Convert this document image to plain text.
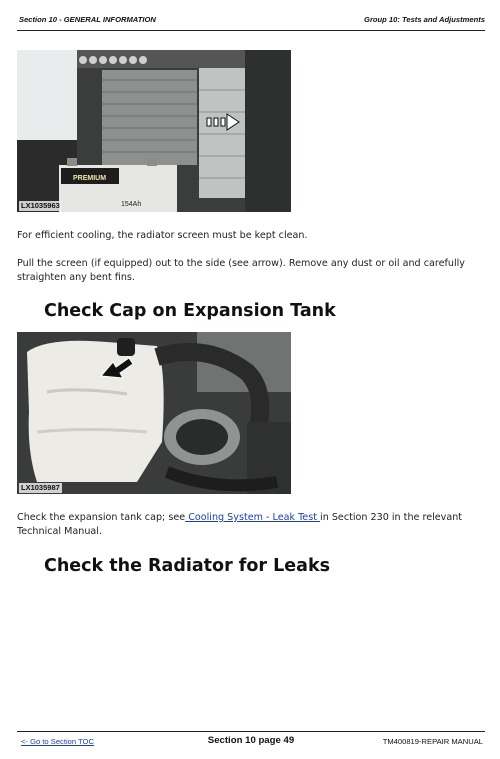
Section 10 - GENERAL INFORMATION	Group 10: Tests and Adjustments
PREMIUM
154Ah
LX1035963

For efficient cooling, the radiator screen must be kept clean.

Pull the screen (if equipped) out to the side (see arrow). Remove any dust or oil and carefully straighten any bent fins.

Check Cap on Expansion Tank
LX1035987

Check the expansion tank cap; see Cooling System - Leak Test in Section 230 in the relevant Technical Manual.

Check the Radiator for Leaks
<- Go to Section TOC	Section 10 page 49	TM400819-REPAIR MANUAL
